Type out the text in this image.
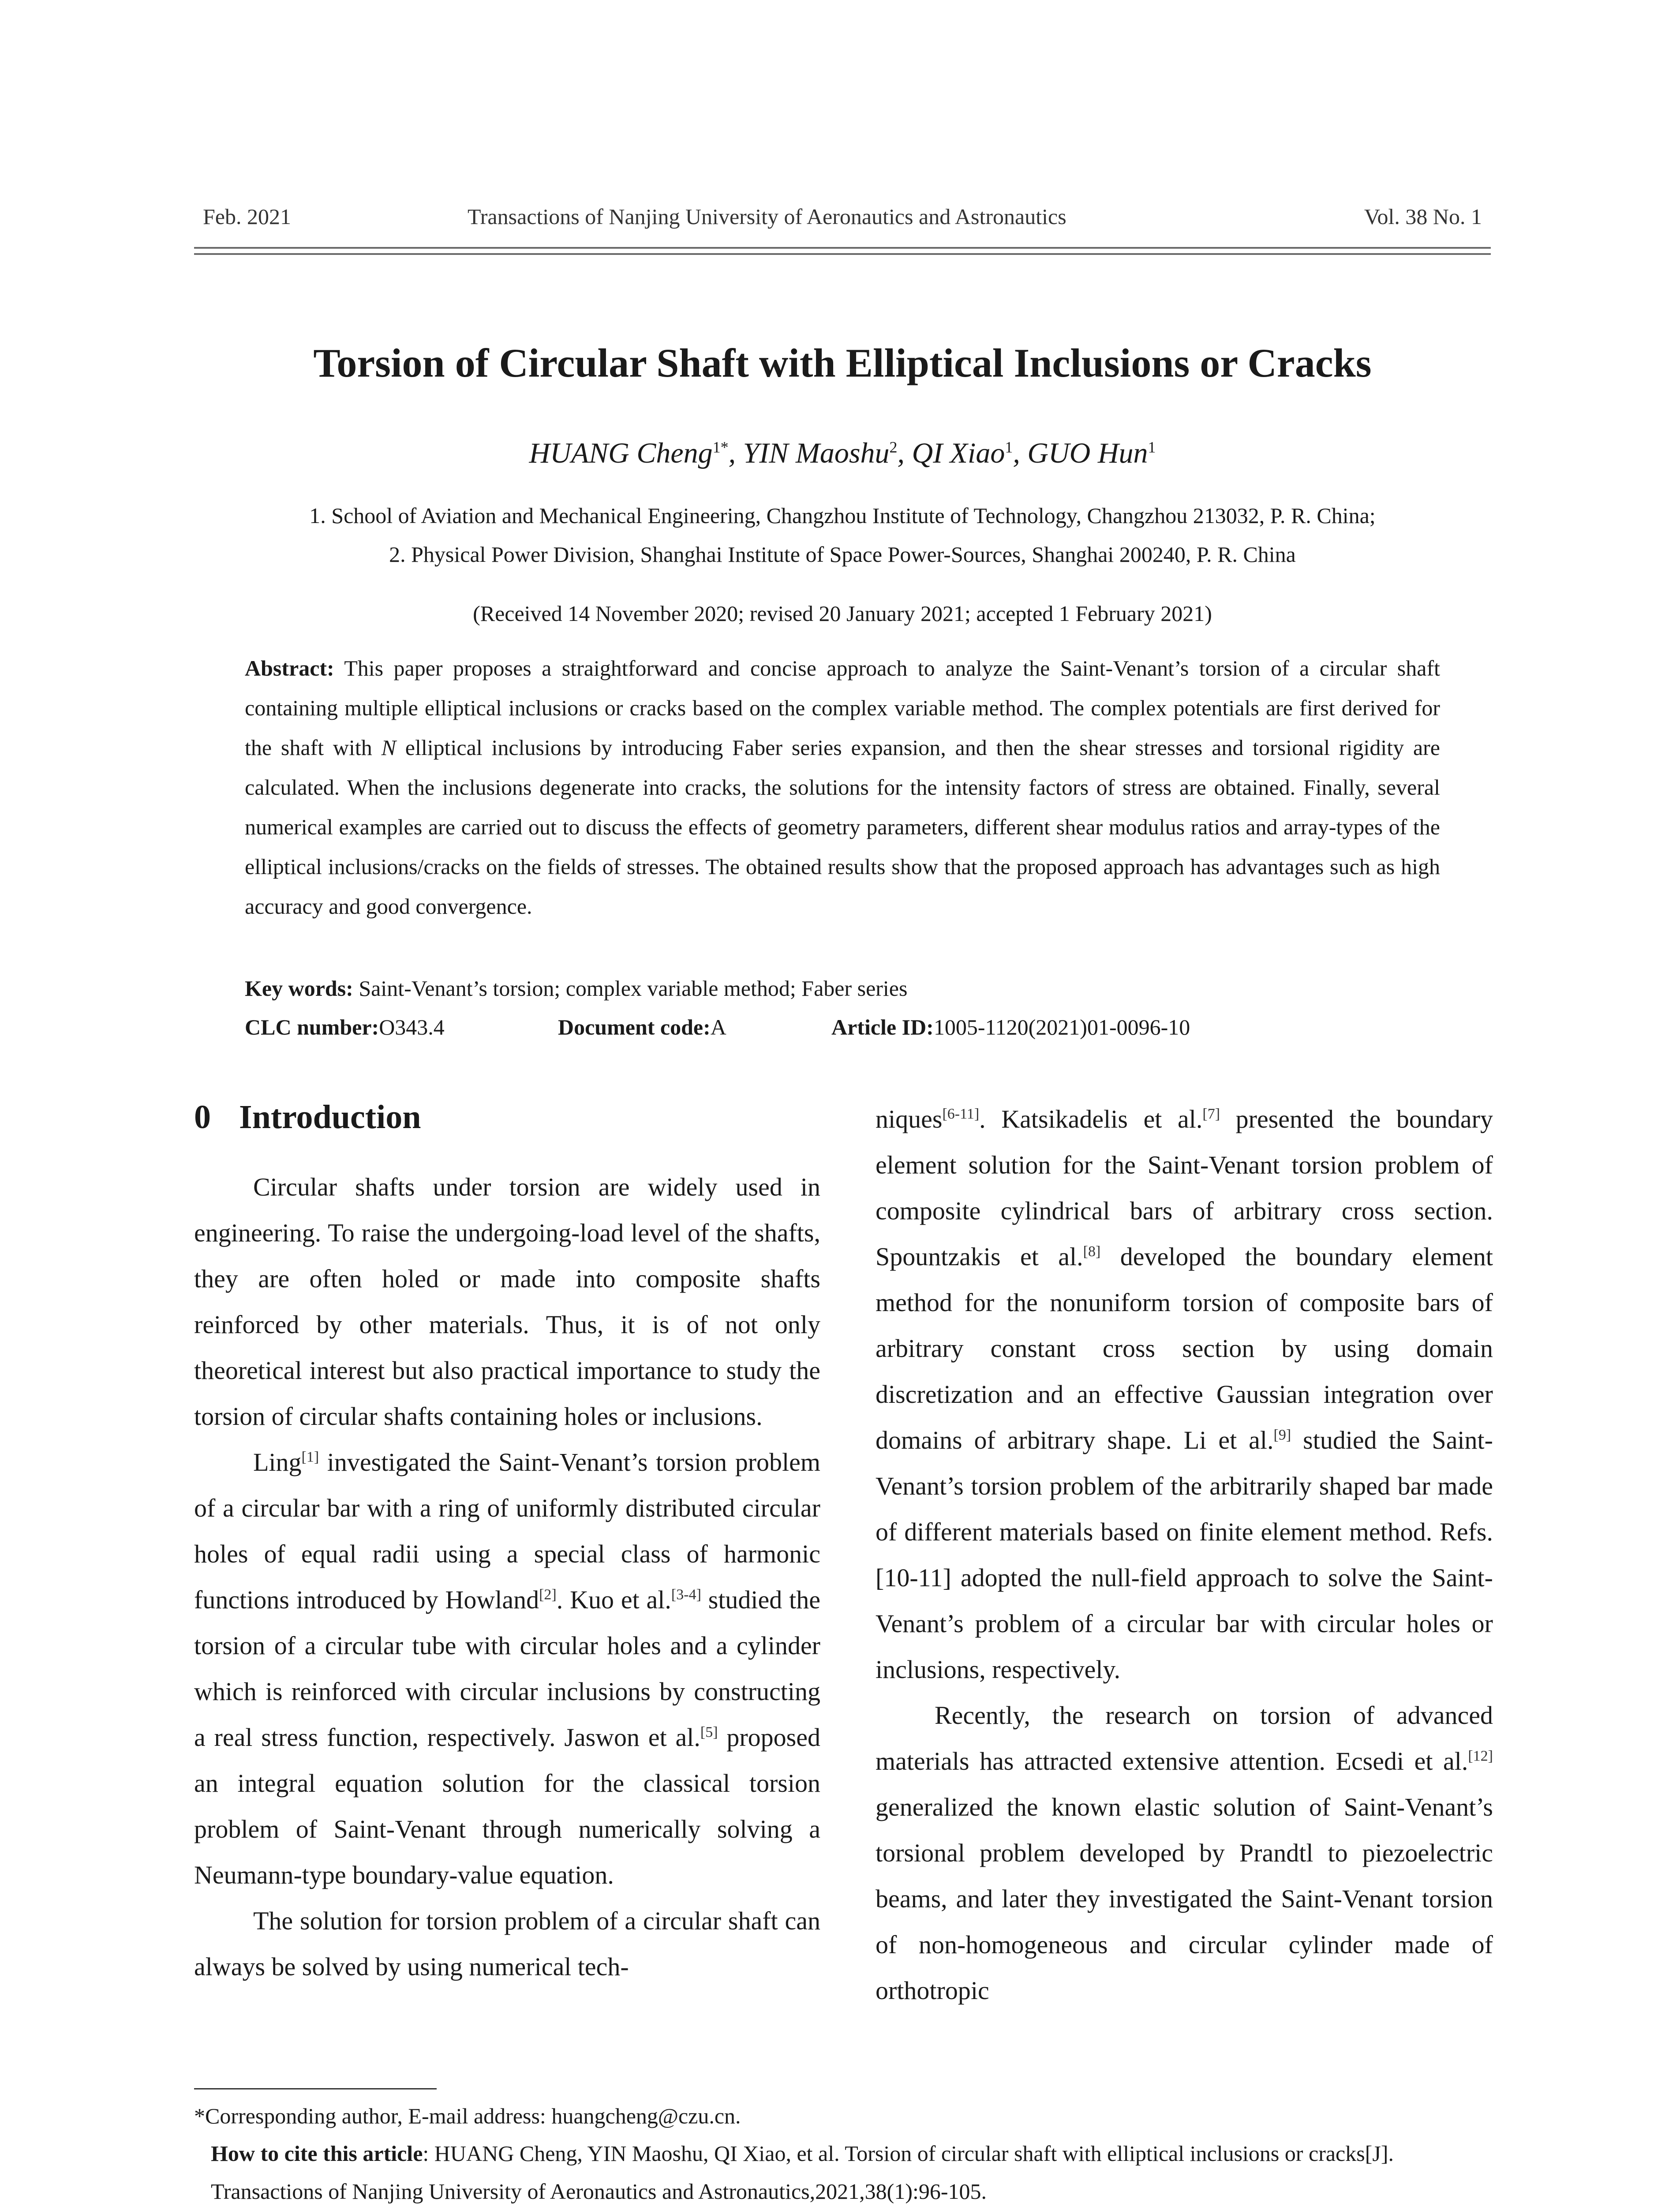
Feb. 2021	Transactions of Nanjing University of Aeronautics and Astronautics	Vol. 38 No. 1
Torsion of Circular Shaft with Elliptical Inclusions or Cracks
HUANG Cheng$^{1*}$, YIN Maoshu$^2$, QI Xiao$^1$, GUO Hun$^1$
1. School of Aviation and Mechanical Engineering, Changzhou Institute of Technology, Changzhou 213032, P. R. China;
2. Physical Power Division, Shanghai Institute of Space Power-Sources, Shanghai 200240, P. R. China
(Received 14 November 2020; revised 20 January 2021; accepted 1 February 2021)
Abstract: This paper proposes a straightforward and concise approach to analyze the Saint-Venant’s torsion of a circular shaft containing multiple elliptical inclusions or cracks based on the complex variable method. The complex potentials are first derived for the shaft with N elliptical inclusions by introducing Faber series expansion, and then the shear stresses and torsional rigidity are calculated. When the inclusions degenerate into cracks, the solutions for the intensity factors of stress are obtained. Finally, several numerical examples are carried out to discuss the effects of geometry parameters, different shear modulus ratios and array-types of the elliptical inclusions/cracks on the fields of stresses. The obtained results show that the proposed approach has advantages such as high accuracy and good convergence.
Key words: Saint-Venant’s torsion; complex variable method; Faber series
CLC number:O343.4	Document code:A	Article ID:1005-1120(2021)01-0096-10
0 Introduction

Circular shafts under torsion are widely used in engineering. To raise the undergoing-load level of the shafts, they are often holed or made into composite shafts reinforced by other materials. Thus, it is of not only theoretical interest but also practical importance to study the torsion of circular shafts containing holes or inclusions.

Ling[1] investigated the Saint-Venant’s torsion problem of a circular bar with a ring of uniformly distributed circular holes of equal radii using a special class of harmonic functions introduced by Howland[2]. Kuo et al.[3-4] studied the torsion of a circular tube with circular holes and a cylinder which is reinforced with circular inclusions by constructing a real stress function, respectively. Jaswon et al.[5] proposed an integral equation solution for the classical torsion problem of Saint-Venant through numerically solving a Neumann-type boundary-value equation.

The solution for torsion problem of a circular shaft can always be solved by using numerical tech-

niques[6-11]. Katsikadelis et al.[7] presented the boundary element solution for the Saint-Venant torsion problem of composite cylindrical bars of arbitrary cross section. Spountzakis et al.[8] developed the boundary element method for the nonuniform torsion of composite bars of arbitrary constant cross section by using domain discretization and an effective Gaussian integration over domains of arbitrary shape. Li et al.[9] studied the Saint-Venant’s torsion problem of the arbitrarily shaped bar made of different materials based on finite element method. Refs. [10-11] adopted the null-field approach to solve the Saint-Venant’s problem of a circular bar with circular holes or inclusions, respectively.

Recently, the research on torsion of advanced materials has attracted extensive attention. Ecsedi et al.[12] generalized the known elastic solution of Saint-Venant’s torsional problem developed by Prandtl to piezoelectric beams, and later they investigated the Saint-Venant torsion of non-homogeneous and circular cylinder made of orthotropic

*Corresponding author, E-mail address: huangcheng@czu.cn.
How to cite this article: HUANG Cheng, YIN Maoshu, QI Xiao, et al. Torsion of circular shaft with elliptical inclusions or cracks[J]. Transactions of Nanjing University of Aeronautics and Astronautics,2021,38(1):96-105.
